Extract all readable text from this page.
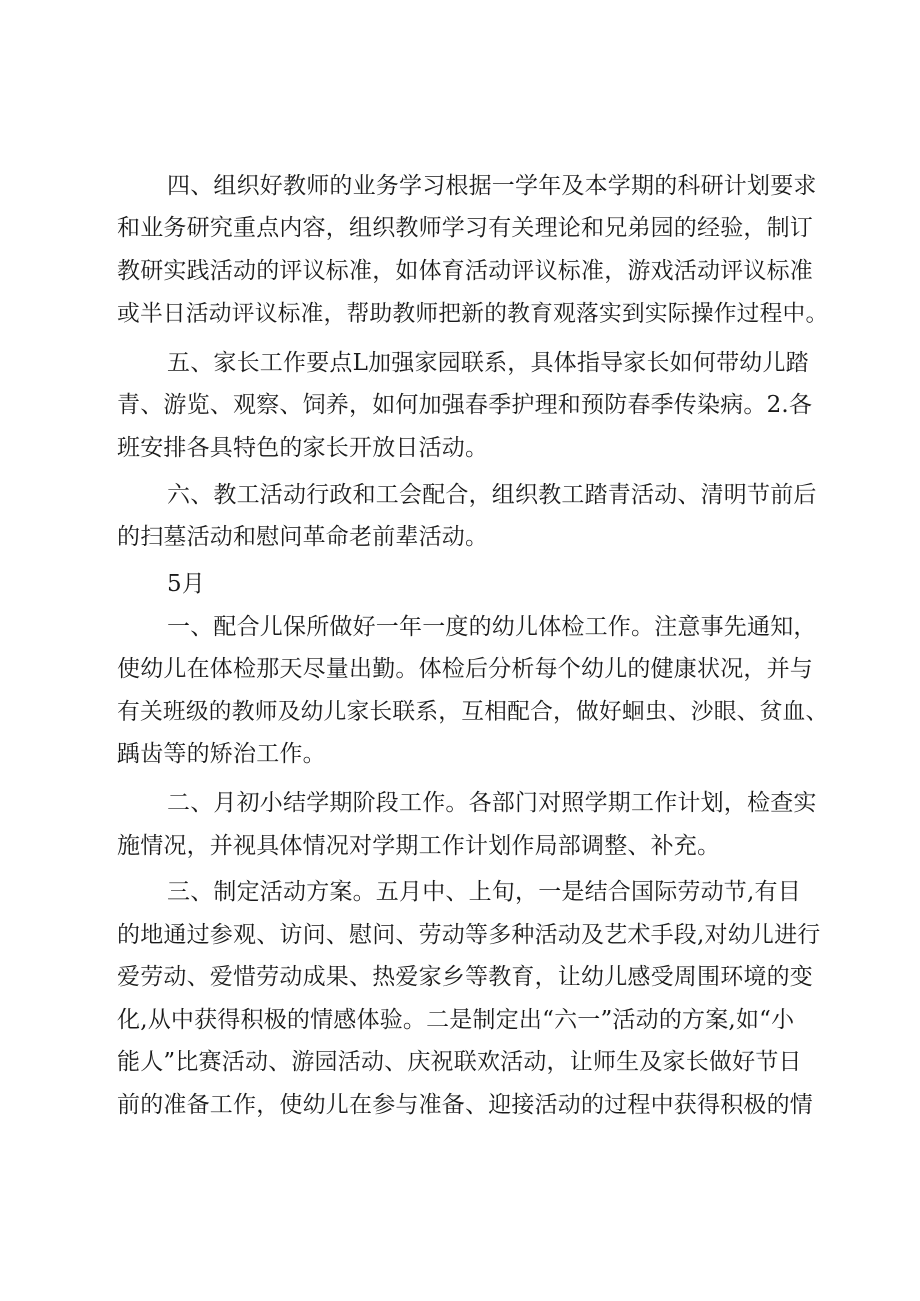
四、组织好教师的业务学习根据一学年及本学期的科研计划要求

和业务研究重点内容，组织教师学习有关理论和兄弟园的经验，制订

教研实践活动的评议标准，如体育活动评议标准，游戏活动评议标准

或半日活动评议标准，帮助教师把新的教育观落实到实际操作过程中。

五、家长工作要点L加强家园联系，具体指导家长如何带幼儿踏

青、游览、观察、饲养，如何加强春季护理和预防春季传染病。2.各

班安排各具特色的家长开放日活动。

六、教工活动行政和工会配合，组织教工踏青活动、清明节前后

的扫墓活动和慰问革命老前辈活动。

5月

一、配合儿保所做好一年一度的幼儿体检工作。注意事先通知，

使幼儿在体检那天尽量出勤。体检后分析每个幼儿的健康状况，并与

有关班级的教师及幼儿家长联系，互相配合，做好蛔虫、沙眼、贫血、

踽齿等的矫治工作。

二、月初小结学期阶段工作。各部门对照学期工作计划，检查实

施情况，并视具体情况对学期工作计划作局部调整、补充。

三、制定活动方案。五月中、上旬，一是结合国际劳动节,有目

的地通过参观、访问、慰问、劳动等多种活动及艺术手段,对幼儿进行

爱劳动、爱惜劳动成果、热爱家乡等教育，让幼儿感受周围环境的变

化,从中获得积极的情感体验。二是制定出“六一”活动的方案,如“小

能人”比赛活动、游园活动、庆祝联欢活动，让师生及家长做好节日

前的准备工作，使幼儿在参与准备、迎接活动的过程中获得积极的情
